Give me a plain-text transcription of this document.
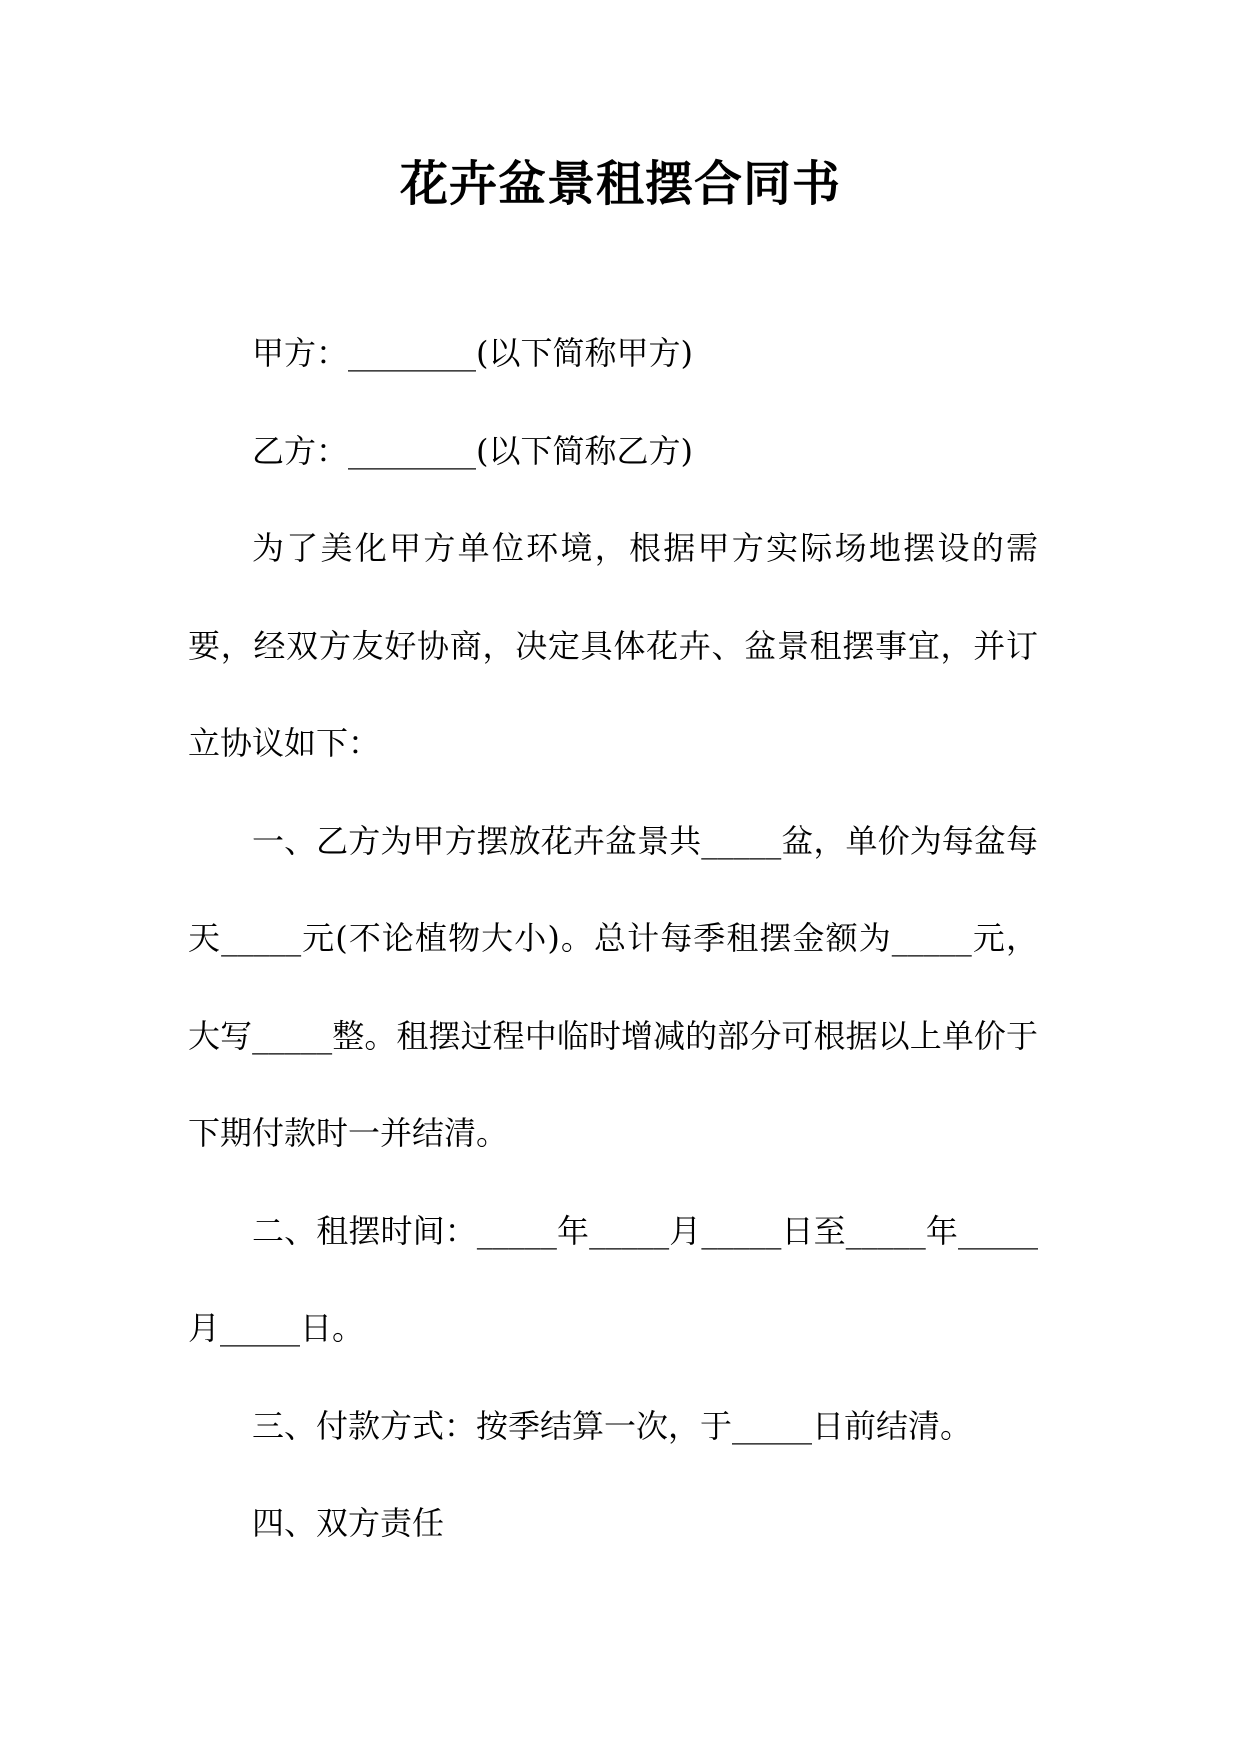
花卉盆景租摆合同书

甲方：________(以下简称甲方)

乙方：________(以下简称乙方)

为了美化甲方单位环境，根据甲方实际场地摆设的需要，经双方友好协商，决定具体花卉、盆景租摆事宜，并订立协议如下：

一、乙方为甲方摆放花卉盆景共_____盆，单价为每盆每天_____元(不论植物大小)。总计每季租摆金额为_____元，大写_____整。租摆过程中临时增减的部分可根据以上单价于下期付款时一并结清。

二、租摆时间：_____年_____月_____日至_____年_____月_____日。

三、付款方式：按季结算一次，于_____日前结清。

四、双方责任
